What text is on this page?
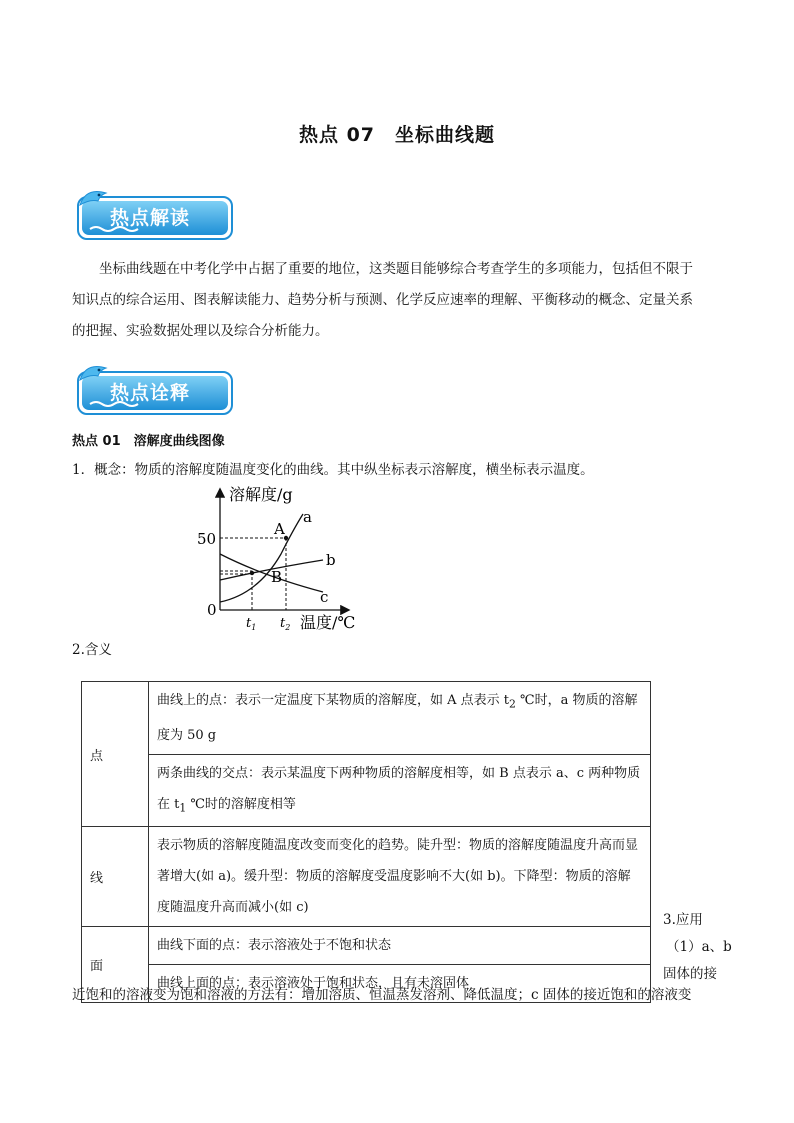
热点 07　坐标曲线题
热点解读
坐标曲线题在中考化学中占据了重要的地位，这类题目能够综合考查学生的多项能力，包括但不限于
知识点的综合运用、图表解读能力、趋势分析与预测、化学反应速率的理解、平衡移动的概念、定量关系
的把握、实验数据处理以及综合分析能力。
热点诠释
热点 01　溶解度曲线图像
1．概念：物质的溶解度随温度变化的曲线。其中纵坐标表示溶解度，横坐标表示温度。
溶解度/g
温度/℃
50
0
A
B
a
b
c
$t_1$ $t_2$
2.含义
点	曲线上的点：表示一定温度下某物质的溶解度，如 A 点表示 $t_2$ ℃时，a 物质的溶解度为 50 g
	两条曲线的交点：表示某温度下两种物质的溶解度相等，如 B 点表示 a、c 两种物质在 $t_1$ ℃时的溶解度相等
线	表示物质的溶解度随温度改变而变化的趋势。陡升型：物质的溶解度随温度升高而显著增大(如 a)。缓升型：物质的溶解度受温度影响不大(如 b)。下降型：物质的溶解度随温度升高而减小(如 c)
面	曲线下面的点：表示溶液处于不饱和状态
	曲线上面的点：表示溶液处于饱和状态，且有未溶固体
3.应用
（1）a、b
固体的接
近饱和的溶液变为饱和溶液的方法有：增加溶质、恒温蒸发溶剂、降低温度；c 固体的接近饱和的溶液变
